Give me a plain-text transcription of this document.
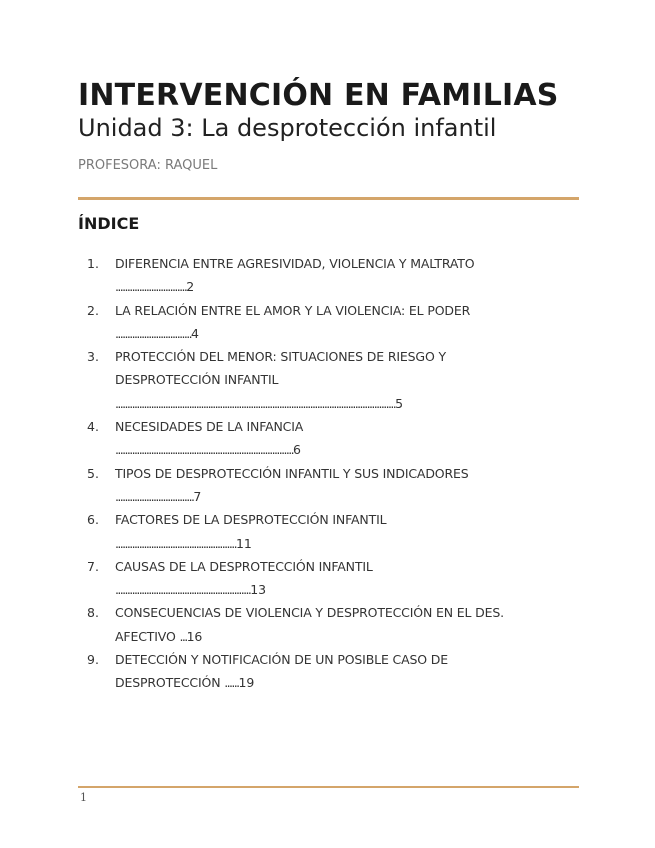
INTERVENCIÓN EN FAMILIAS
Unidad 3: La desprotección infantil
PROFESORA: RAQUEL
ÍNDICE
1. DIFERENCIA ENTRE AGRESIVIDAD, VIOLENCIA Y MALTRATO
..............................2
2. LA RELACIÓN ENTRE EL AMOR Y LA VIOLENCIA: EL PODER
................................4
3. PROTECCIÓN DEL MENOR: SITUACIONES DE RIESGO Y
DESPROTECCIÓN INFANTIL
......................................................................................................................5
4. NECESIDADES DE LA INFANCIA
...........................................................................6
5. TIPOS DE DESPROTECCIÓN INFANTIL Y SUS INDICADORES
.................................7
6. FACTORES DE LA DESPROTECCIÓN INFANTIL
...................................................11
7. CAUSAS DE LA DESPROTECCIÓN INFANTIL
.........................................................13
8. CONSECUENCIAS DE VIOLENCIA Y DESPROTECCIÓN EN EL DES.
AFECTIVO ...16
9. DETECCIÓN Y NOTIFICACIÓN DE UN POSIBLE CASO DE
DESPROTECCIÓN ......19
1
